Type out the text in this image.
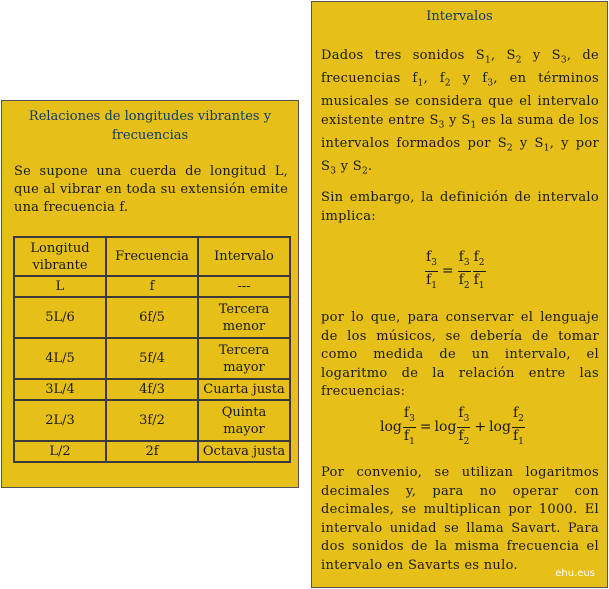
Relaciones de longitudes vibrantes y frecuencias
Se supone una cuerda de longitud L, que al vibrar en toda su extensión emite una frecuencia f.
Longitud vibrante	Frecuencia	Intervalo
L	f	---
5L/6	6f/5	Tercera menor
4L/5	5f/4	Tercera mayor
3L/4	4f/3	Cuarta justa
2L/3	3f/2	Quinta mayor
L/2	2f	Octava justa
Intervalos
Dados tres sonidos $S_1$, $S_2$ y $S_3$, de frecuencias $f_1$, $f_2$ y $f_3$, en términos musicales se considera que el intervalo existente entre $S_3$ y $S_1$ es la suma de los intervalos formados por $S_2$ y $S_1$, y por $S_3$ y $S_2$.
Sin embargo, la definición de intervalo implica:
$\frac{f_3}{f_1} = \frac{f_3}{f_2} \frac{f_2}{f_1}$
por lo que, para conservar el lenguaje de los músicos, se debería de tomar como medida de un intervalo, el logaritmo de la relación entre las frecuencias:
$\log \frac{f_3}{f_1} = \log \frac{f_3}{f_2} + \log \frac{f_2}{f_1}$
Por convenio, se utilizan logaritmos decimales y, para no operar con decimales, se multiplican por 1000. El intervalo unidad se llama Savart. Para dos sonidos de la misma frecuencia el intervalo en Savarts es nulo.
ehu.eus
